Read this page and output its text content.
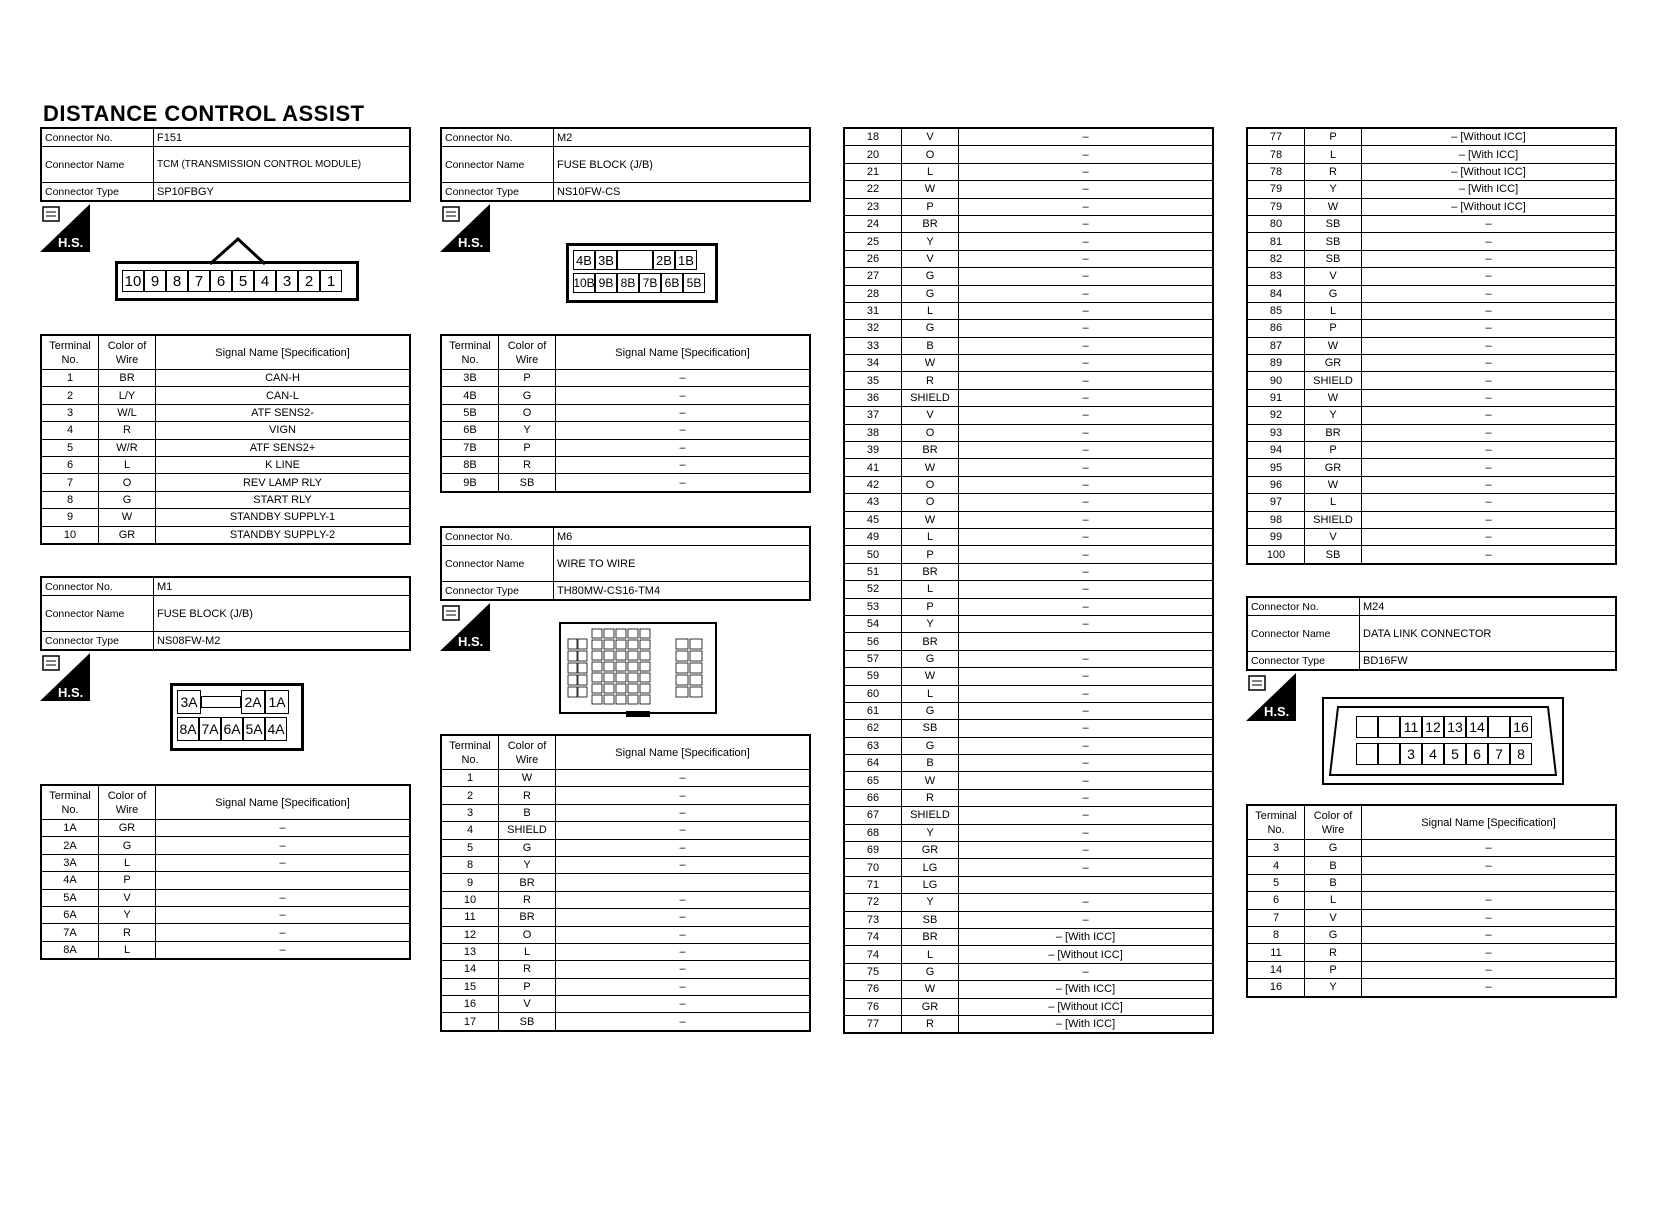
DISTANCE CONTROL ASSIST
Connector No.	F151
Connector Name	TCM (TRANSMISSION CONTROL MODULE)
Connector Type	SP10FBGY
H.S.
10 9 8 7 6 5 4 3 2 1
Terminal No.	Color of Wire	Signal Name [Specification]
1	BR	CAN-H
2	L/Y	CAN-L
3	W/L	ATF SENS2-
4	R	VIGN
5	W/R	ATF SENS2+
6	L	K LINE
7	O	REV LAMP RLY
8	G	START RLY
9	W	STANDBY SUPPLY-1
10	GR	STANDBY SUPPLY-2
Connector No.	M1
Connector Name	FUSE BLOCK (J/B)
Connector Type	NS08FW-M2
H.S.
3A	2A 1A
8A 7A 6A 5A 4A
Terminal No.	Color of Wire	Signal Name [Specification]
1A	GR	–
2A	G	–
3A	L	–
4A	P	
5A	V	–
6A	Y	–
7A	R	–
8A	L	–
Connector No.	M2
Connector Name	FUSE BLOCK (J/B)
Connector Type	NS10FW-CS
H.S.
4B 3B	2B 1B
10B 9B 8B 7B 6B 5B
Terminal No.	Color of Wire	Signal Name [Specification]
3B	P	–
4B	G	–
5B	O	–
6B	Y	–
7B	P	–
8B	R	–
9B	SB	–
Connector No.	M6
Connector Name	WIRE TO WIRE
Connector Type	TH80MW-CS16-TM4
H.S.
Terminal No.	Color of Wire	Signal Name [Specification]
1	W	–
2	R	–
3	B	–
4	SHIELD	–
5	G	–
8	Y	–
9	BR	
10	R	–
11	BR	–
12	O	–
13	L	–
14	R	–
15	P	–
16	V	–
17	SB	–
18	V	–
20	O	–
21	L	–
22	W	–
23	P	–
24	BR	–
25	Y	–
26	V	–
27	G	–
28	G	–
31	L	–
32	G	–
33	B	–
34	W	–
35	R	–
36	SHIELD	–
37	V	–
38	O	–
39	BR	–
41	W	–
42	O	–
43	O	–
45	W	–
49	L	–
50	P	–
51	BR	–
52	L	–
53	P	–
54	Y	–
56	BR	
57	G	–
59	W	–
60	L	–
61	G	–
62	SB	–
63	G	–
64	B	–
65	W	–
66	R	–
67	SHIELD	–
68	Y	–
69	GR	–
70	LG	–
71	LG	
72	Y	–
73	SB	–
74	BR	– [With ICC]
74	L	– [Without ICC]
75	G	–
76	W	– [With ICC]
76	GR	– [Without ICC]
77	R	– [With ICC]
77	P	– [Without ICC]
78	L	– [With ICC]
78	R	– [Without ICC]
79	Y	– [With ICC]
79	W	– [Without ICC]
80	SB	–
81	SB	–
82	SB	–
83	V	–
84	G	–
85	L	–
86	P	–
87	W	–
89	GR	–
90	SHIELD	–
91	W	–
92	Y	–
93	BR	–
94	P	–
95	GR	–
96	W	–
97	L	–
98	SHIELD	–
99	V	–
100	SB	–
Connector No.	M24
Connector Name	DATA LINK CONNECTOR
Connector Type	BD16FW
H.S.
11 12 13 14 16
3	4	5	6	7	8
Terminal No.	Color of Wire	Signal Name [Specification]
3	G	–
4	B	–
5	B	
6	L	–
7	V	–
8	G	–
11	R	–
14	P	–
16	Y	–
